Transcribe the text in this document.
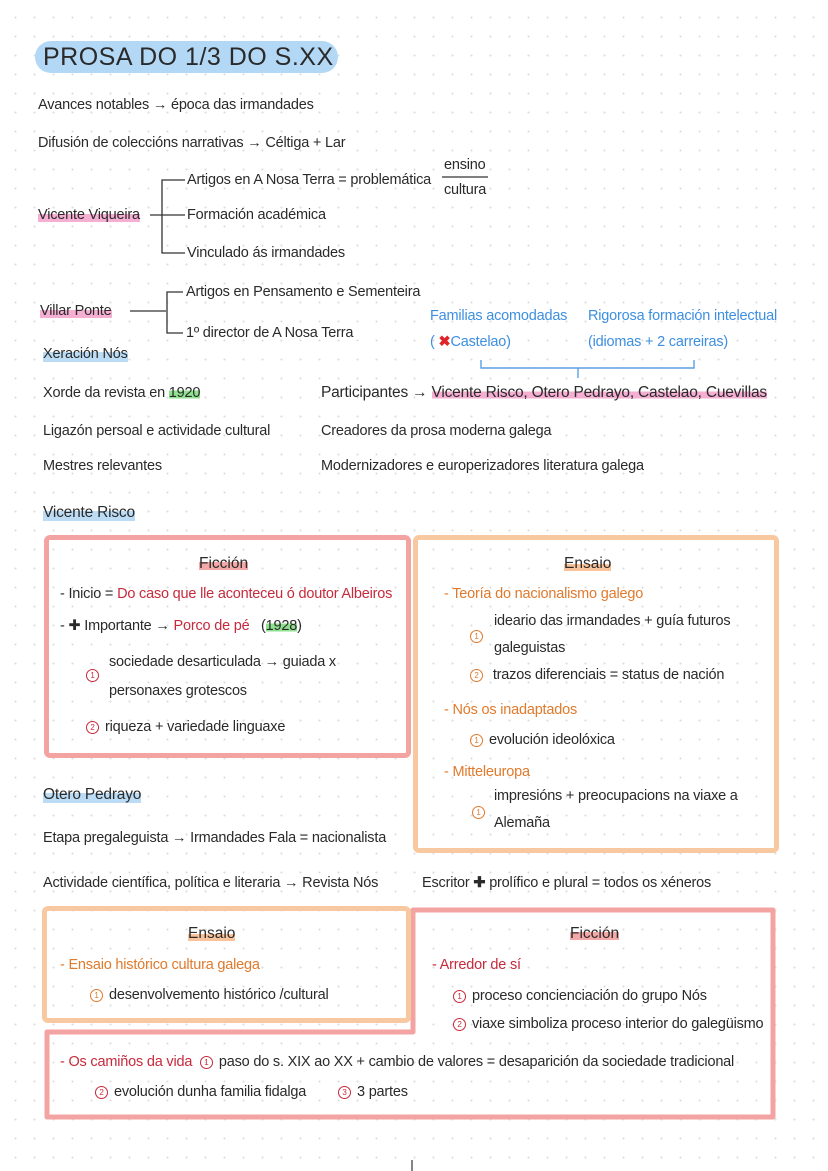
PROSA DO 1/3 DO S.XX
Avances notables → época das irmandades
Difusión de coleccións narrativas → Céltiga + Lar
Vicente Viqueira
Artigos en A Nosa Terra = problemática
ensino
cultura
Formación académica
Vinculado ás irmandades
Villar Ponte
Artigos en Pensamento e Sementeira
1º director de A Nosa Terra
Xeración Nós
Familias acomodadas
( ✖Castelao)
Rigorosa formación intelectual
(idiomas + 2 carreiras)
Xorde da revista en 1920
Ligazón persoal e actividade cultural
Mestres relevantes
Participantes → Vicente Risco, Otero Pedrayo, Castelao, Cuevillas
Creadores da prosa moderna galega
Modernizadores e europerizadores literatura galega
Vicente Risco
Ficción
- Inicio = Do caso que lle aconteceu ó doutor Albeiros
- ✚ Importante → Porco de pé (1928)
1
sociedade desarticulada → guiada x
personaxes grotescos
2 riqueza + variedade linguaxe
Ensaio
- Teoría do nacionalismo galego
1
ideario das irmandades + guía futuros
galeguistas
2 trazos diferenciais = status de nación
- Nós os inadaptados
1 evolución ideolóxica
- Mitteleuropa
1
impresións + preocupacions na viaxe a
Alemaña
Otero Pedrayo
Etapa pregaleguista → Irmandades Fala = nacionalista
Actividade científica, política e literaria → Revista Nós	Escritor ✚ prolífico e plural = todos os xéneros
Ensaio
- Ensaio histórico cultura galega
1 desenvolvemento histórico /cultural
Ficción
- Arredor de sí
1 proceso concienciación do grupo Nós
2 viaxe simboliza proceso interior do galegüismo
- Os camiños da vida 1 paso do s. XIX ao XX + cambio de valores = desaparición da sociedade tradicional
2 evolución dunha familia fidalga	3 3 partes
